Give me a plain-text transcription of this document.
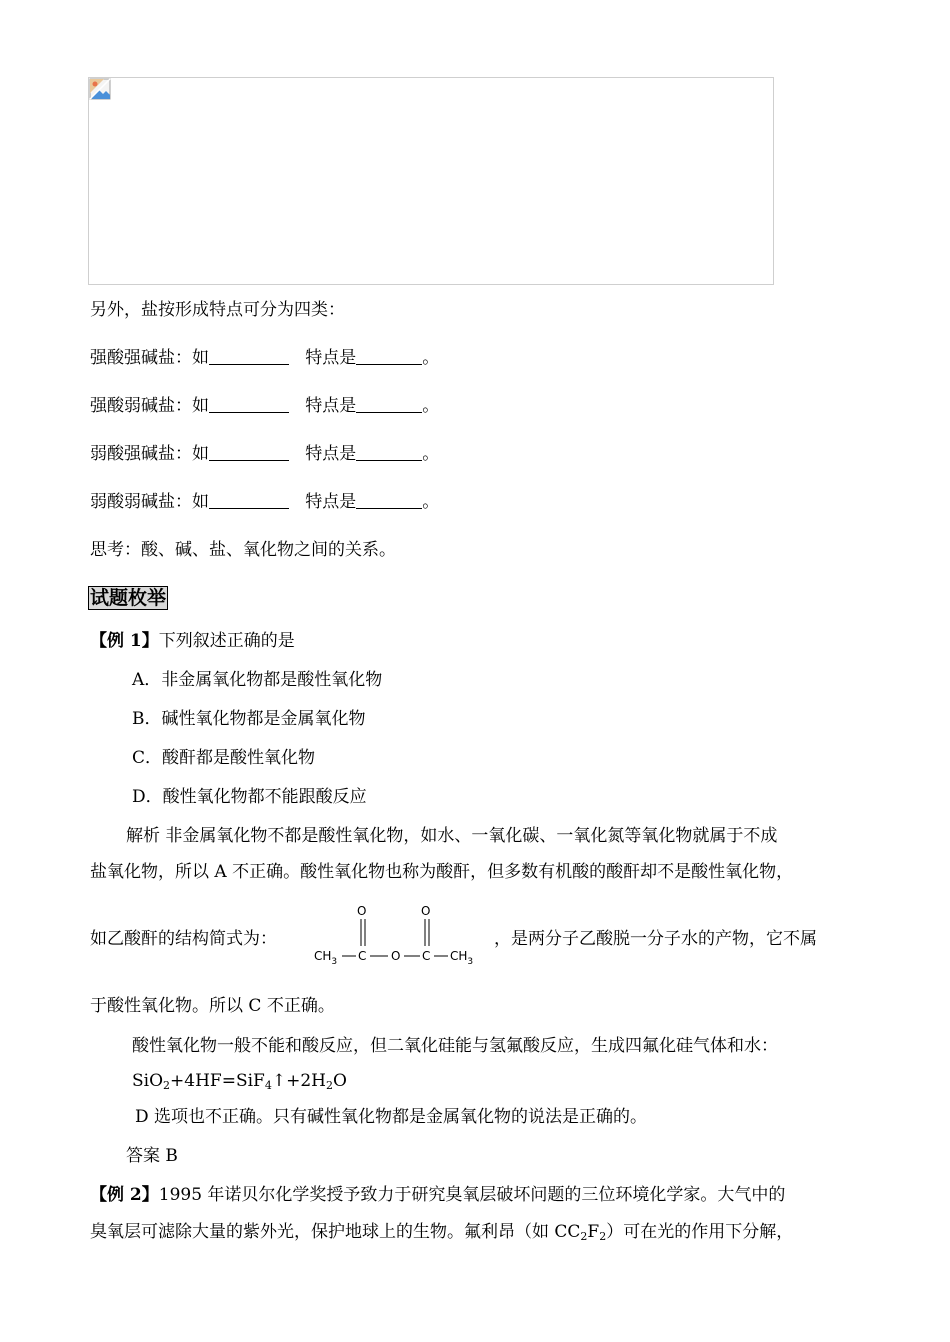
另外，盐按形成特点可分为四类：
强酸强碱盐：如	特点是	。
强酸弱碱盐：如	特点是	。
弱酸强碱盐：如	特点是	。
弱酸弱碱盐：如	特点是	。
思考：酸、碱、盐、氧化物之间的关系。
试题枚举
【例 1】下列叙述正确的是
A．非金属氧化物都是酸性氧化物
B．碱性氧化物都是金属氧化物
C．酸酐都是酸性氧化物
D．酸性氧化物都不能跟酸反应
解析 非金属氧化物不都是酸性氧化物，如水、一氧化碳、一氧化氮等氧化物就属于不成
盐氧化物，所以 A 不正确。酸性氧化物也称为酸酐，但多数有机酸的酸酐却不是酸性氧化物，
如乙酸酐的结构简式为：
O	O
$CH_3$ C O C $CH_3$
，是两分子乙酸脱一分子水的产物，它不属
于酸性氧化物。所以 C 不正确。
酸性氧化物一般不能和酸反应，但二氧化硅能与氢氟酸反应，生成四氟化硅气体和水：
$SiO_2+4HF=SiF_4↑+2H_2O$
D 选项也不正确。只有碱性氧化物都是金属氧化物的说法是正确的。
答案 B
【例 2】1995 年诺贝尔化学奖授予致力于研究臭氧层破坏问题的三位环境化学家。大气中的
臭氧层可滤除大量的紫外光，保护地球上的生物。氟利昂（如 $CC_2F_2$）可在光的作用下分解，
